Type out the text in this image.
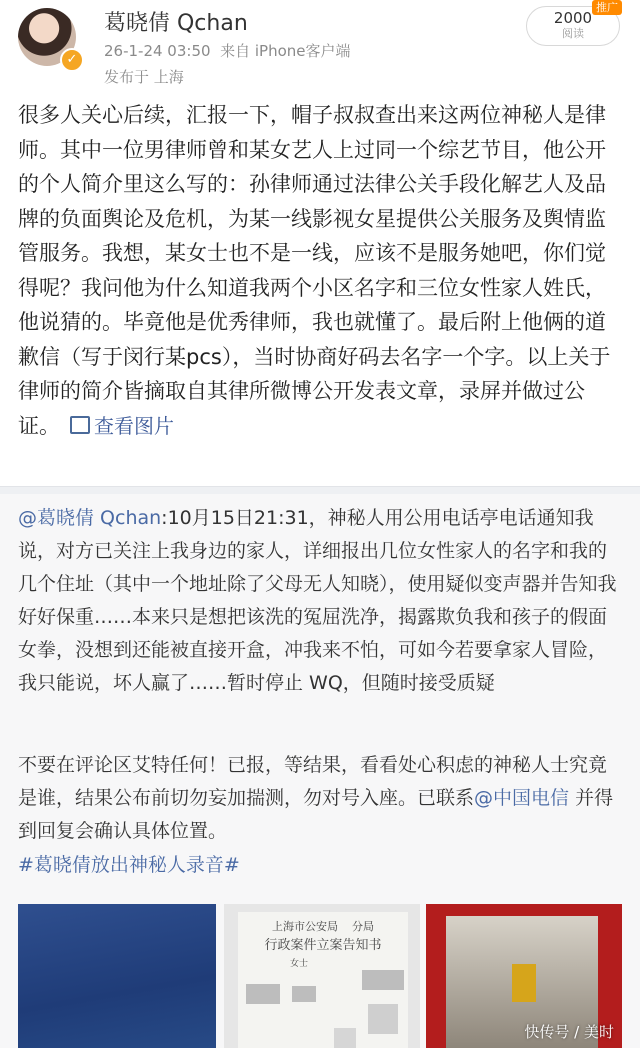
✓
葛晓倩 Qchan
26-1-24 03:50 来自 iPhone客户端
发布于 上海
2000
阅读
推广

很多人关心后续，汇报一下，帽子叔叔查出来这两位神秘人是律师。其中一位男律师曾和某女艺人上过同一个综艺节目，他公开的个人简介里这么写的：孙律师通过法律公关手段化解艺人及品牌的负面舆论及危机，为某一线影视女星提供公关服务及舆情监管服务。我想，某女士也不是一线，应该不是服务她吧，你们觉得呢？我问他为什么知道我两个小区名字和三位女性家人姓氏，他说猜的。毕竟他是优秀律师，我也就懂了。最后附上他俩的道歉信（写于闵行某pcs），当时协商好码去名字一个字。以上关于律师的简介皆摘取自其律所微博公开发表文章，录屏并做过公证。 查看图片

@葛晓倩 Qchan:10月15日21:31，神秘人用公用电话亭电话通知我说，对方已关注上我身边的家人，详细报出几位女性家人的名字和我的几个住址（其中一个地址除了父母无人知晓），使用疑似变声器并告知我好好保重……本来只是想把该洗的冤屈洗净，揭露欺负我和孩子的假面女拳，没想到还能被直接开盒，冲我来不怕，可如今若要拿家人冒险，我只能说，坏人赢了……暂时停止 WQ，但随时接受质疑

不要在评论区艾特任何！已报，等结果，看看处心积虑的神秘人士究竟是谁，结果公布前切勿妄加揣测，勿对号入座。已联系@中国电信 并得到回复会确认具体位置。

#葛晓倩放出神秘人录音#
上海市公安局 分局
行政案件立案告知书
女士
快传号 / 美时
